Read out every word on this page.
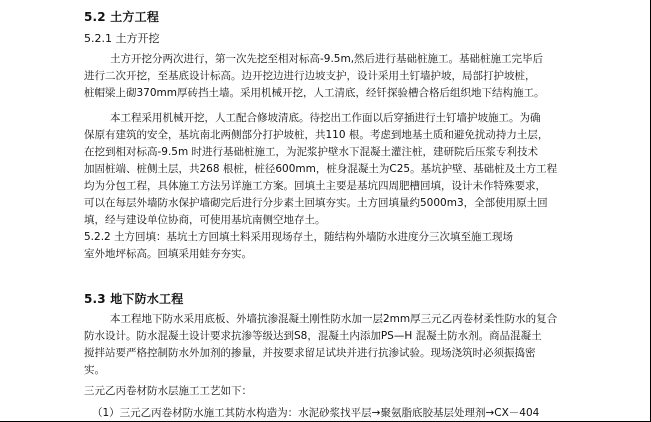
5.2 土方工程
5.2.1 土方开挖
土方开挖分两次进行，第一次先挖至相对标高-9.5m,然后进行基础桩施工。基础桩施工完毕后
进行二次开挖，至基底设计标高。边开挖边进行边坡支护，设计采用土钉墙护坡，局部打护坡桩，
桩帽梁上砌370mm厚砖挡土墙。采用机械开挖，人工清底，经钎探验槽合格后组织地下结构施工。
本工程采用机械开挖，人工配合修坡清底。待挖出工作面以后穿插进行土钉墙护坡施工。为确
保原有建筑的安全，基坑南北两侧部分打护坡桩，共110 根。考虑到地基土质和避免扰动持力土层，
在挖到相对标高-9.5m 时进行基础桩施工，为泥浆护壁水下混凝土灌注桩，建研院后压浆专利技术
加固桩端、桩侧土层，共268 根桩，桩径600mm，桩身混凝土为C25。基坑护壁、基础桩及土方工程
均为分包工程，具体施工方法另详施工方案。回填土主要是基坑四周肥槽回填，设计未作特殊要求，
可以在每层外墙防水保护墙砌完后进行分步素土回填夯实。土方回填量约5000m3，全部使用原土回
填，经与建设单位协商，可使用基坑南侧空地存土。
5.2.2 土方回填：基坑土方回填土料采用现场存土，随结构外墙防水进度分三次填至施工现场
室外地坪标高。回填采用蛙夯夯实。
5.3 地下防水工程
本工程地下防水采用底板、外墙抗渗混凝土刚性防水加一层2mm厚三元乙丙卷材柔性防水的复合
防水设计。防水混凝土设计要求抗渗等级达到S8，混凝土内添加PS—H 混凝土防水剂。商品混凝土
搅拌站要严格控制防水外加剂的掺量，并按要求留足试块并进行抗渗试验。现场浇筑时必须振捣密
实。
三元乙丙卷材防水层施工工艺如下：
（1）三元乙丙卷材防水施工其防水构造为：水泥砂浆找平层→聚氨脂底胶基层处理剂→CX－404
